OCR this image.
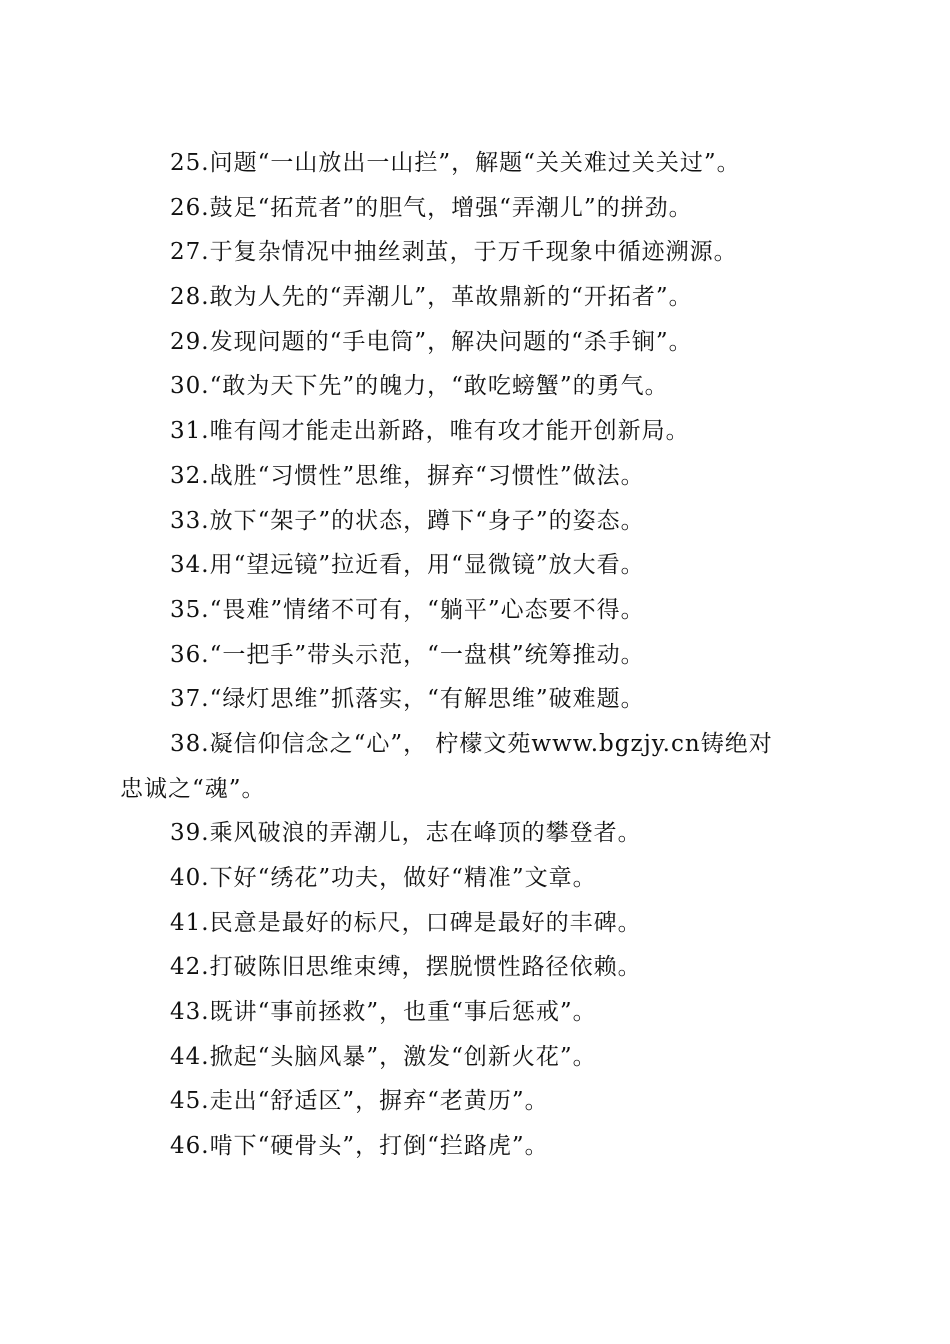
25.问题“一山放出一山拦”，解题“关关难过关关过”。
26.鼓足“拓荒者”的胆气，增强“弄潮儿”的拼劲。
27.于复杂情况中抽丝剥茧，于万千现象中循迹溯源。
28.敢为人先的“弄潮儿”，革故鼎新的“开拓者”。
29.发现问题的“手电筒”，解决问题的“杀手锏”。
30.“敢为天下先”的魄力，“敢吃螃蟹”的勇气。
31.唯有闯才能走出新路，唯有攻才能开创新局。
32.战胜“习惯性”思维，摒弃“习惯性”做法。
33.放下“架子”的状态，蹲下“身子”的姿态。
34.用“望远镜”拉近看，用“显微镜”放大看。
35.“畏难”情绪不可有，“躺平”心态要不得。
36.“一把手”带头示范，“一盘棋”统筹推动。
37.“绿灯思维”抓落实，“有解思维”破难题。
38.凝信仰信念之“心”， 柠檬文苑www.bgzjy.cn铸绝对
忠诚之“魂”。
39.乘风破浪的弄潮儿，志在峰顶的攀登者。
40.下好“绣花”功夫，做好“精准”文章。
41.民意是最好的标尺，口碑是最好的丰碑。
42.打破陈旧思维束缚，摆脱惯性路径依赖。
43.既讲“事前拯救”，也重“事后惩戒”。
44.掀起“头脑风暴”，激发“创新火花”。
45.走出“舒适区”，摒弃“老黄历”。
46.啃下“硬骨头”，打倒“拦路虎”。
